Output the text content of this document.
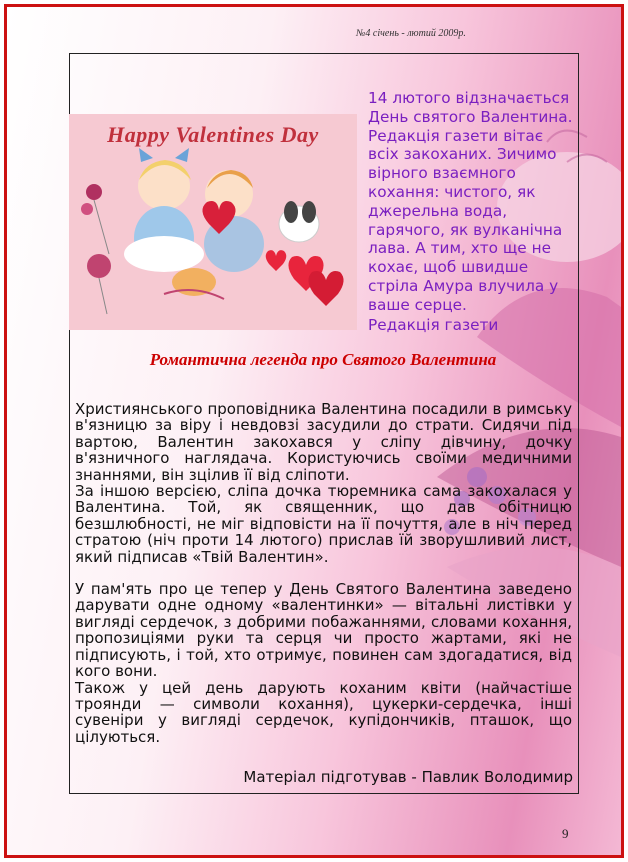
№4 січень - лютий 2009р.
Happy Valentines Day

14 лютого відзначається День святого Валентина. Редакція газети вітає всіх закоханих. Зичимо вірного взаємного кохання: чистого, як джерельна вода, гарячого, як вулканічна лава. А тим, хто ще не кохає, щоб швидше стріла Амура влучила у ваше серце.

Редакція газети
Романтична легенда про Святого Валентина

Християнського проповідника Валентина посадили в римську в'язницю за віру і невдовзі засудили до страти. Сидячи під вартою, Валентин закохався у сліпу дівчину, дочку в'язничного наглядача. Користуючись своїми медичними знаннями, він зцілив її від сліпоти.

За іншою версією, сліпа дочка тюремника сама закохалася у Валентина. Той, як священник, що дав обітницю безшлюбності, не міг відповісти на її почуття, але в ніч перед стратою (ніч проти 14 лютого) прислав їй зворушливий лист, який підписав «Твій Валентин».

У пам'ять про це тепер у День Святого Валентина заведено дарувати одне одному «валентинки» — вітальні листівки у вигляді сердечок, з добрими побажаннями, словами кохання, пропозиціями руки та серця чи просто жартами, які не підписують, і той, хто отримує, повинен сам здогадатися, від кого вони.

Також у цей день дарують коханим квіти (найчастіше троянди — символи кохання), цукерки-сердечка, інші сувеніри у вигляді сердечок, купідончиків, пташок, що цілуються.

Матеріал підготував - Павлик Володимир
9
